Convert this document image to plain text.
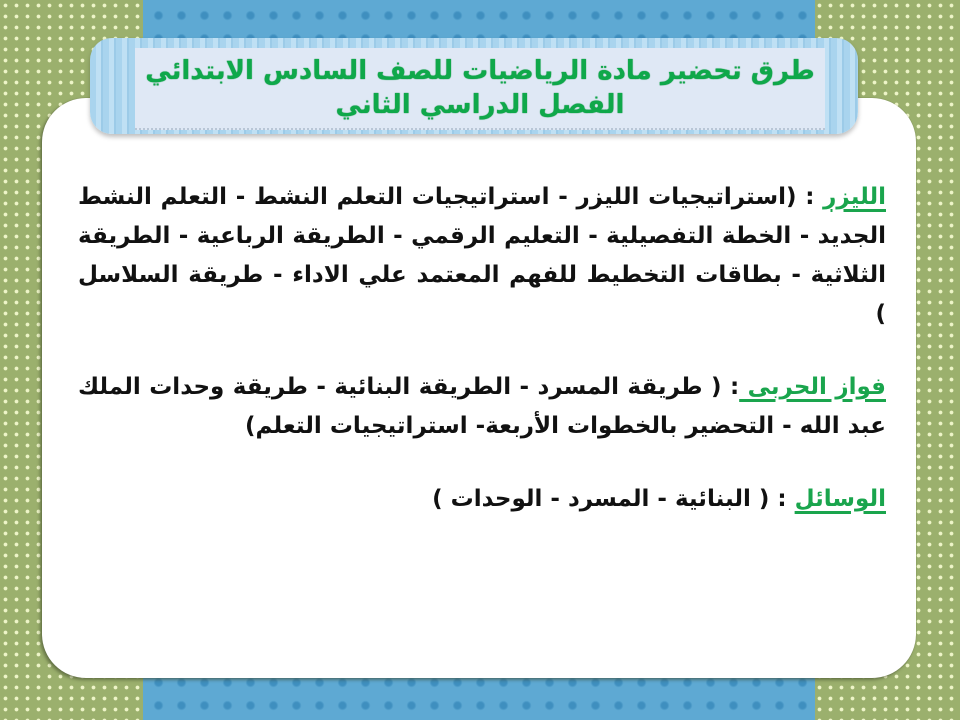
طرق تحضير مادة الرياضيات للصف السادس الابتدائي

الفصل الدراسي الثاني

الليزر : (استراتيجيات الليزر - استراتيجيات التعلم النشط - التعلم النشط الجديد - الخطة التفصيلية - التعليم الرقمي - الطريقة الرباعية - الطريقة الثلاثية - بطاقات التخطيط للفهم المعتمد علي الاداء - طريقة السلاسل )

فواز الحربى : ( طريقة المسرد - الطريقة البنائية - طريقة وحدات الملك عبد الله - التحضير بالخطوات الأربعة- استراتيجيات التعلم)

الوسائل : ( البنائية - المسرد - الوحدات )
